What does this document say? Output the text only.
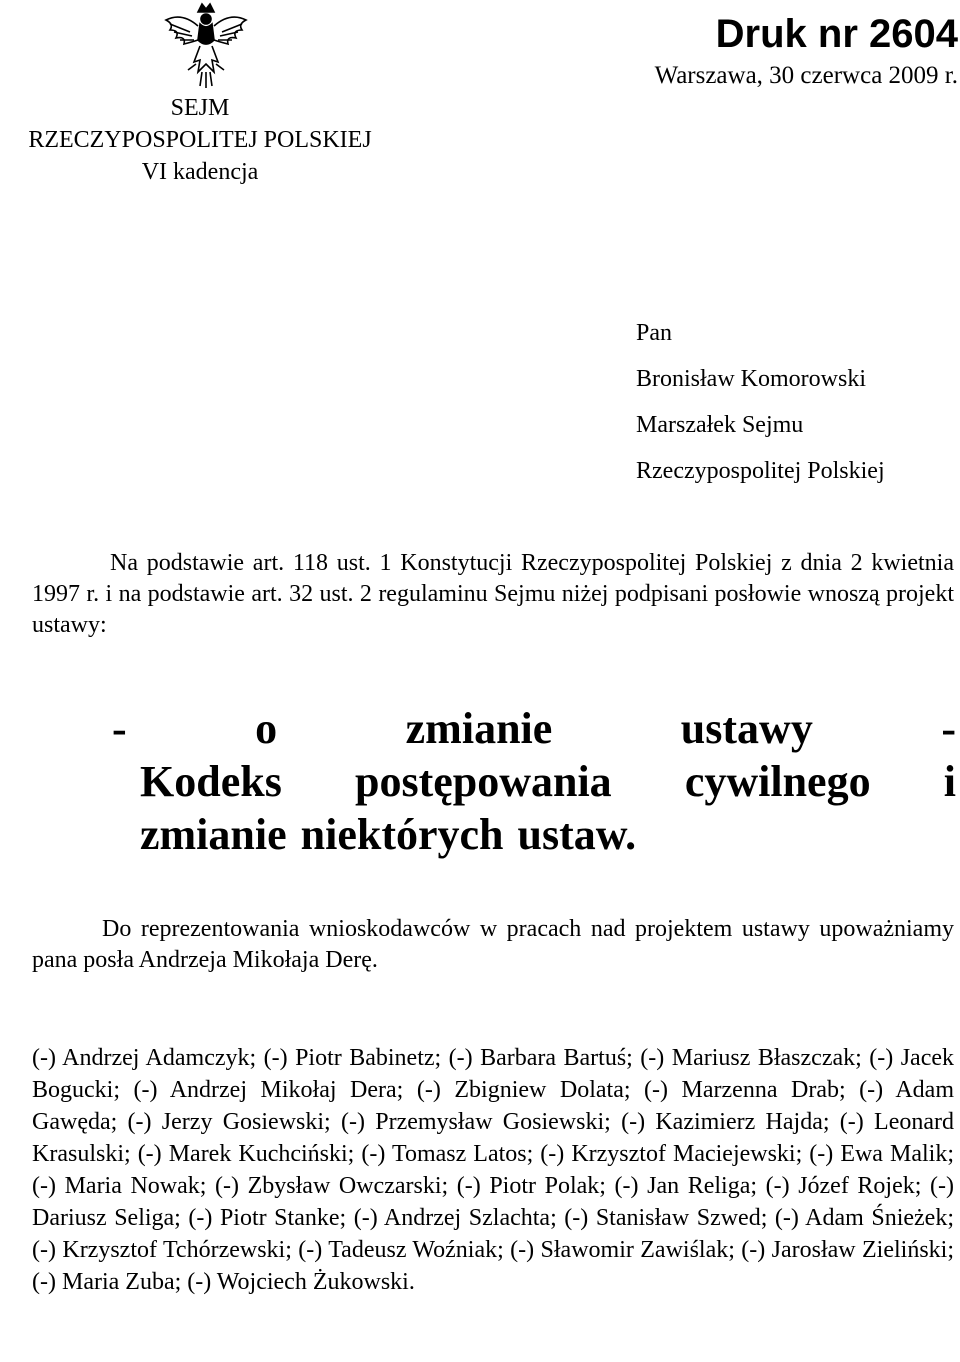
SEJM
RZECZYPOSPOLITEJ POLSKIEJ
VI kadencja
Druk nr 2604
Warszawa, 30 czerwca 2009 r.
Pan
Bronisław Komorowski
Marszałek Sejmu
Rzeczypospolitej Polskiej
Na podstawie art. 118 ust. 1 Konstytucji Rzeczypospolitej Polskiej z dnia 2 kwietnia 1997 r. i na podstawie art. 32 ust. 2 regulaminu Sejmu niżej podpisani posłowie wnoszą projekt ustawy:
-	o	zmianie	ustawy	-
Kodeks postępowania cywilnego i
zmianie niektórych ustaw.
Do reprezentowania wnioskodawców w pracach nad projektem ustawy upoważniamy pana posła Andrzeja Mikołaja Derę.
(-) Andrzej Adamczyk; (-) Piotr Babinetz; (-) Barbara Bartuś; (-) Mariusz Błaszczak; (-) Jacek Bogucki; (-) Andrzej Mikołaj Dera; (-) Zbigniew Dolata; (-) Marzenna Drab; (-) Adam Gawęda; (-) Jerzy Gosiewski; (-) Przemysław Gosiewski; (-) Kazimierz Hajda; (-) Leonard Krasulski; (-) Marek Kuchciński; (-) Tomasz Latos; (-) Krzysztof Maciejewski; (-) Ewa Malik; (-) Maria Nowak; (-) Zbysław Owczarski; (-) Piotr Polak; (-) Jan Religa; (-) Józef Rojek; (-) Dariusz Seliga; (-) Piotr Stanke; (-) Andrzej Szlachta; (-) Stanisław Szwed; (-) Adam Śnieżek; (-) Krzysztof Tchórzewski; (-) Tadeusz Woźniak; (-) Sławomir Zawiślak; (-) Jarosław Zieliński; (-) Maria Zuba; (-) Wojciech Żukowski.
